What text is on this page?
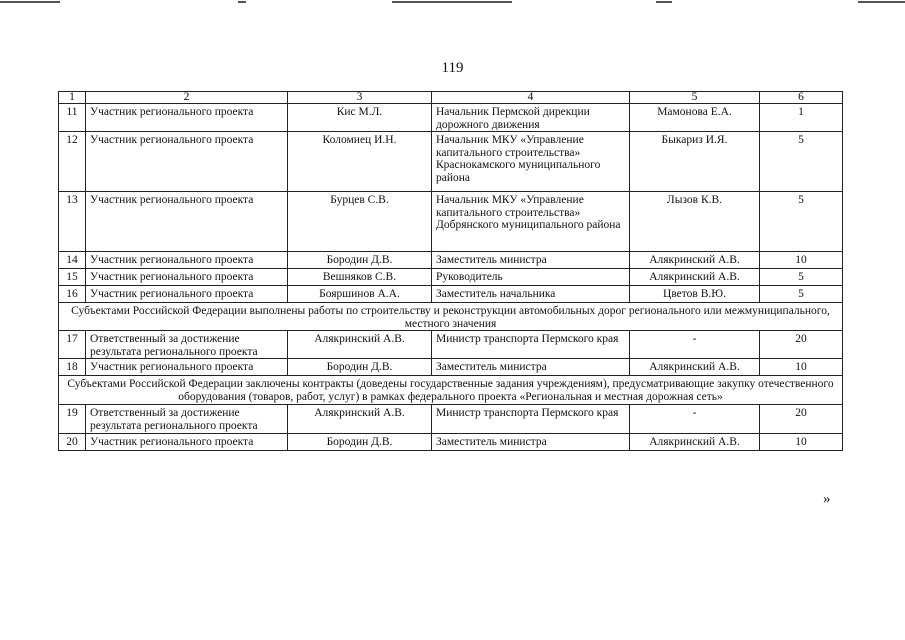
119
1	2	3	4	5	6
11	Участник регионального проекта	Кис М.Л.	Начальник Пермской дирекции дорожного движения	Мамонова Е.А.	1
12	Участник регионального проекта	Коломиец И.Н.	Начальник МКУ «Управление капитального строительства» Краснокамского муниципального района	Быкариз И.Я.	5
13	Участник регионального проекта	Бурцев С.В.	Начальник МКУ «Управление капитального строительства» Добрянского муниципального района	Лызов К.В.	5
14	Участник регионального проекта	Бородин Д.В.	Заместитель министра	Алякринский А.В.	10
15	Участник регионального проекта	Вешняков С.В.	Руководитель	Алякринский А.В.	5
16	Участник регионального проекта	Бояршинов А.А.	Заместитель начальника	Цветов В.Ю.	5
Субъектами Российской Федерации выполнены работы по строительству и реконструкции автомобильных дорог регионального или межмуниципального, местного значения					
17	Ответственный за достижение результата регионального проекта	Алякринский А.В.	Министр транспорта Пермского края	-	20
18	Участник регионального проекта	Бородин Д.В.	Заместитель министра	Алякринский А.В.	10
Субъектами Российской Федерации заключены контракты (доведены государственные задания учреждениям), предусматривающие закупку отечественного оборудования (товаров, работ, услуг) в рамках федерального проекта «Региональная и местная дорожная сеть»					
19	Ответственный за достижение результата регионального проекта	Алякринский А.В.	Министр транспорта Пермского края	-	20
20	Участник регионального проекта	Бородин Д.В.	Заместитель министра	Алякринский А.В.	10
»
